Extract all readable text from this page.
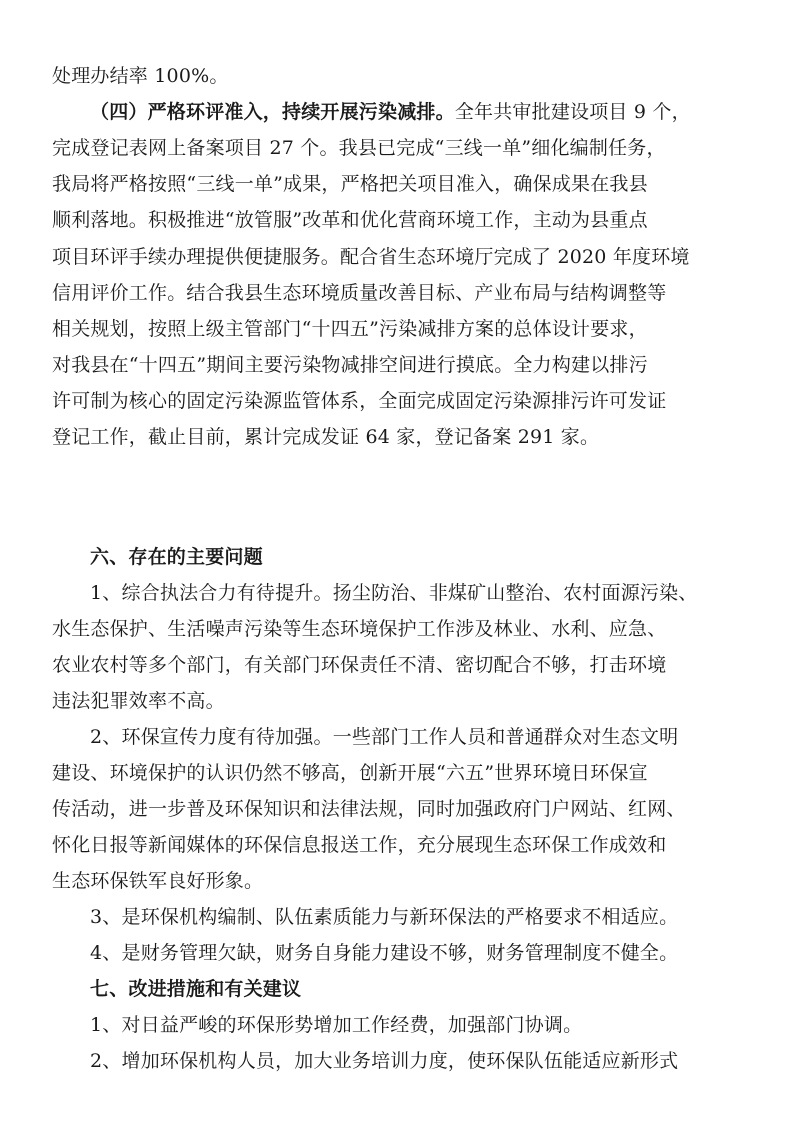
处理办结率 100%。
（四）严格环评准入，持续开展污染减排。全年共审批建设项目 9 个，
完成登记表网上备案项目 27 个。我县已完成“三线一单”细化编制任务，
我局将严格按照“三线一单”成果，严格把关项目准入，确保成果在我县
顺利落地。积极推进“放管服”改革和优化营商环境工作，主动为县重点
项目环评手续办理提供便捷服务。配合省生态环境厅完成了 2020 年度环境
信用评价工作。结合我县生态环境质量改善目标、产业布局与结构调整等
相关规划，按照上级主管部门“十四五”污染减排方案的总体设计要求，
对我县在“十四五”期间主要污染物减排空间进行摸底。全力构建以排污
许可制为核心的固定污染源监管体系，全面完成固定污染源排污许可发证
登记工作，截止目前，累计完成发证 64 家，登记备案 291 家。
六、存在的主要问题
1、综合执法合力有待提升。扬尘防治、非煤矿山整治、农村面源污染、
水生态保护、生活噪声污染等生态环境保护工作涉及林业、水利、应急、
农业农村等多个部门，有关部门环保责任不清、密切配合不够，打击环境
违法犯罪效率不高。
2、环保宣传力度有待加强。一些部门工作人员和普通群众对生态文明
建设、环境保护的认识仍然不够高，创新开展“六五”世界环境日环保宣
传活动，进一步普及环保知识和法律法规，同时加强政府门户网站、红网、
怀化日报等新闻媒体的环保信息报送工作，充分展现生态环保工作成效和
生态环保铁军良好形象。
3、是环保机构编制、队伍素质能力与新环保法的严格要求不相适应。
4、是财务管理欠缺，财务自身能力建设不够，财务管理制度不健全。
七、改进措施和有关建议
1、对日益严峻的环保形势增加工作经费，加强部门协调。
2、增加环保机构人员，加大业务培训力度，使环保队伍能适应新形式
